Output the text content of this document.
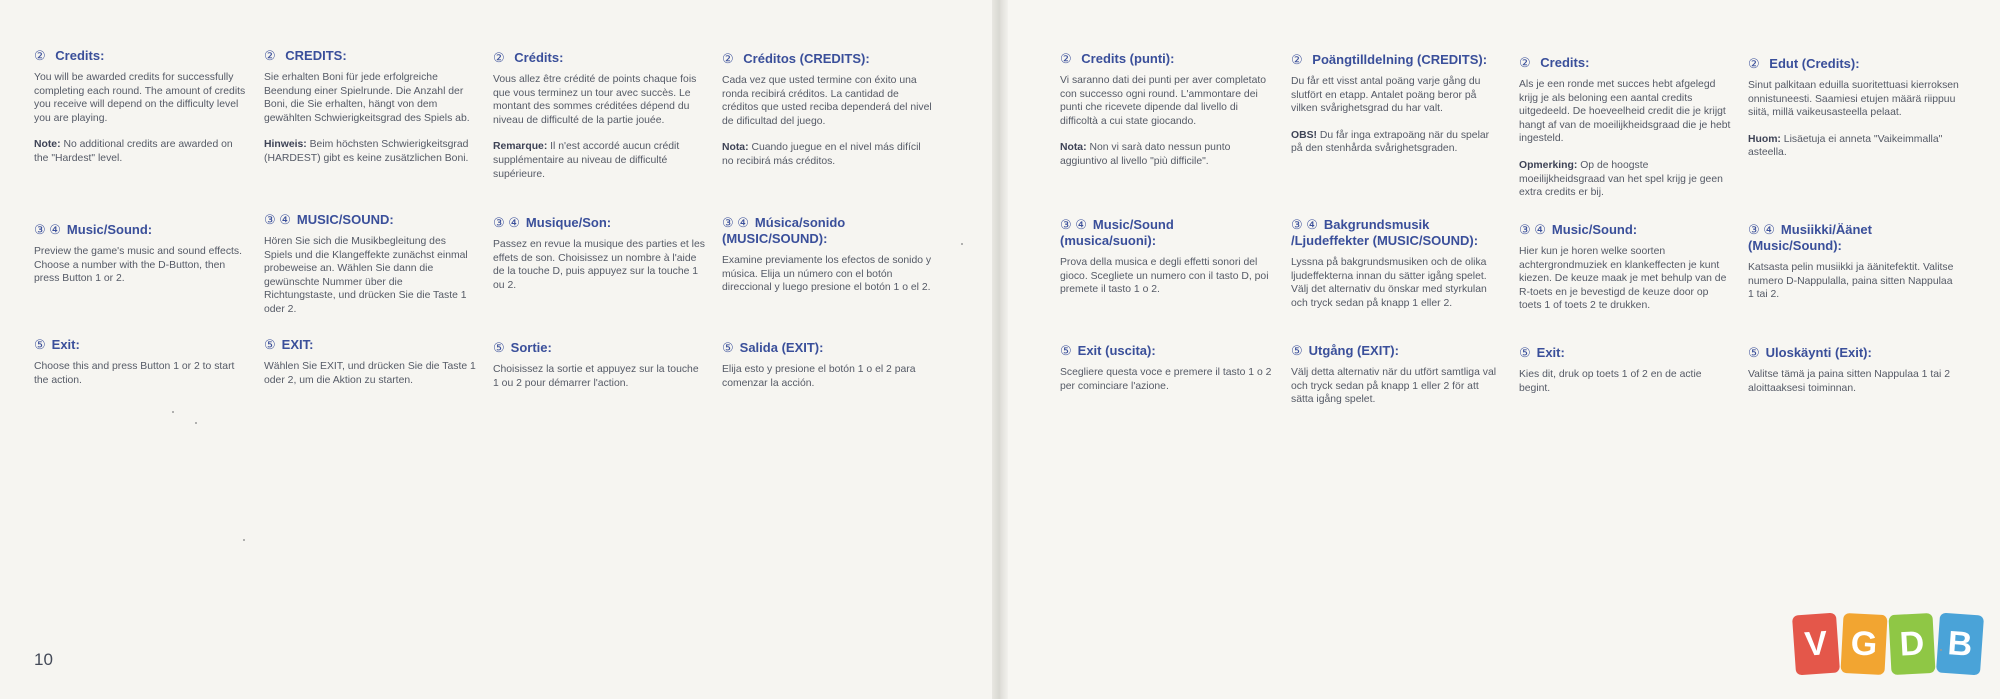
② Credits:
You will be awarded credits for successfully completing each round. The amount of credits you receive will depend on the difficulty level you are playing.
Note: No additional credits are awarded on the "Hardest" level.
③ ④ Music/Sound:
Preview the game's music and sound effects. Choose a number with the D-Button, then press Button 1 or 2.
⑤ Exit:
Choose this and press Button 1 or 2 to start the action.
② CREDITS:
Sie erhalten Boni für jede erfolgreiche Beendung einer Spielrunde. Die Anzahl der Boni, die Sie erhalten, hängt von dem gewählten Schwierigkeitsgrad des Spiels ab.
Hinweis: Beim höchsten Schwierigkeitsgrad (HARDEST) gibt es keine zusätzlichen Boni.
③ ④ MUSIC/SOUND:
Hören Sie sich die Musikbegleitung des Spiels und die Klangeffekte zunächst einmal probeweise an. Wählen Sie dann die gewünschte Nummer über die Richtungstaste, und drücken Sie die Taste 1 oder 2.
⑤ EXIT:
Wählen Sie EXIT, und drücken Sie die Taste 1 oder 2, um die Aktion zu starten.
② Crédits:
Vous allez être crédité de points chaque fois que vous terminez un tour avec succès. Le montant des sommes créditées dépend du niveau de difficulté de la partie jouée.
Remarque: Il n'est accordé aucun crédit supplémentaire au niveau de difficulté supérieure.
③ ④ Musique/Son:
Passez en revue la musique des parties et les effets de son. Choisissez un nombre à l'aide de la touche D, puis appuyez sur la touche 1 ou 2.
⑤ Sortie:
Choisissez la sortie et appuyez sur la touche 1 ou 2 pour démarrer l'action.
② Créditos (CREDITS):
Cada vez que usted termine con éxito una ronda recibirá créditos. La cantidad de créditos que usted reciba dependerá del nivel de dificultad del juego.
Nota: Cuando juegue en el nivel más difícil no recibirá más créditos.
③ ④ Música/sonido (MUSIC/SOUND):
Examine previamente los efectos de sonido y música. Elija un número con el botón direccional y luego presione el botón 1 o el 2.
⑤ Salida (EXIT):
Elija esto y presione el botón 1 o el 2 para comenzar la acción.
② Credits (punti):
Vi saranno dati dei punti per aver completato con successo ogni round. L'ammontare dei punti che ricevete dipende dal livello di difficoltà a cui state giocando.
Nota: Non vi sarà dato nessun punto aggiuntivo al livello "più difficile".
③ ④ Music/Sound (musica/suoni):
Prova della musica e degli effetti sonori del gioco. Scegliete un numero con il tasto D, poi premete il tasto 1 o 2.
⑤ Exit (uscita):
Scegliere questa voce e premere il tasto 1 o 2 per cominciare l'azione.
② Poängtilldelning (CREDITS):
Du får ett visst antal poäng varje gång du slutfört en etapp. Antalet poäng beror på vilken svårighetsgrad du har valt.
OBS! Du får inga extrapoäng när du spelar på den stenhårda svårighetsgraden.
③ ④ Bakgrundsmusik /Ljudeffekter (MUSIC/SOUND):
Lyssna på bakgrundsmusiken och de olika ljudeffekterna innan du sätter igång spelet. Välj det alternativ du önskar med styrkulan och tryck sedan på knapp 1 eller 2.
⑤ Utgång (EXIT):
Välj detta alternativ när du utfört samtliga val och tryck sedan på knapp 1 eller 2 för att sätta igång spelet.
② Credits:
Als je een ronde met succes hebt afgelegd krijg je als beloning een aantal credits uitgedeeld. De hoeveelheid credit die je krijgt hangt af van de moeilijkheidsgraad die je hebt ingesteld.
Opmerking: Op de hoogste moeilijkheidsgraad van het spel krijg je geen extra credits er bij.
③ ④ Music/Sound:
Hier kun je horen welke soorten achtergrondmuziek en klankeffecten je kunt kiezen. De keuze maak je met behulp van de R-toets en je bevestigd de keuze door op toets 1 of toets 2 te drukken.
⑤ Exit:
Kies dit, druk op toets 1 of 2 en de actie begint.
② Edut (Credits):
Sinut palkitaan eduilla suoritettuasi kierroksen onnistuneesti. Saamiesi etujen määrä riippuu siitä, millä vaikeusasteella pelaat.
Huom: Lisäetuja ei anneta "Vaikeimmalla" asteella.
③ ④ Musiikki/Äänet (Music/Sound):
Katsasta pelin musiikki ja äänitefektit. Valitse numero D-Nappulalla, paina sitten Nappulaa 1 tai 2.
⑤ Uloskäynti (Exit):
Valitse tämä ja paina sitten Nappulaa 1 tai 2 aloittaaksesi toiminnan.
10	V G D B
